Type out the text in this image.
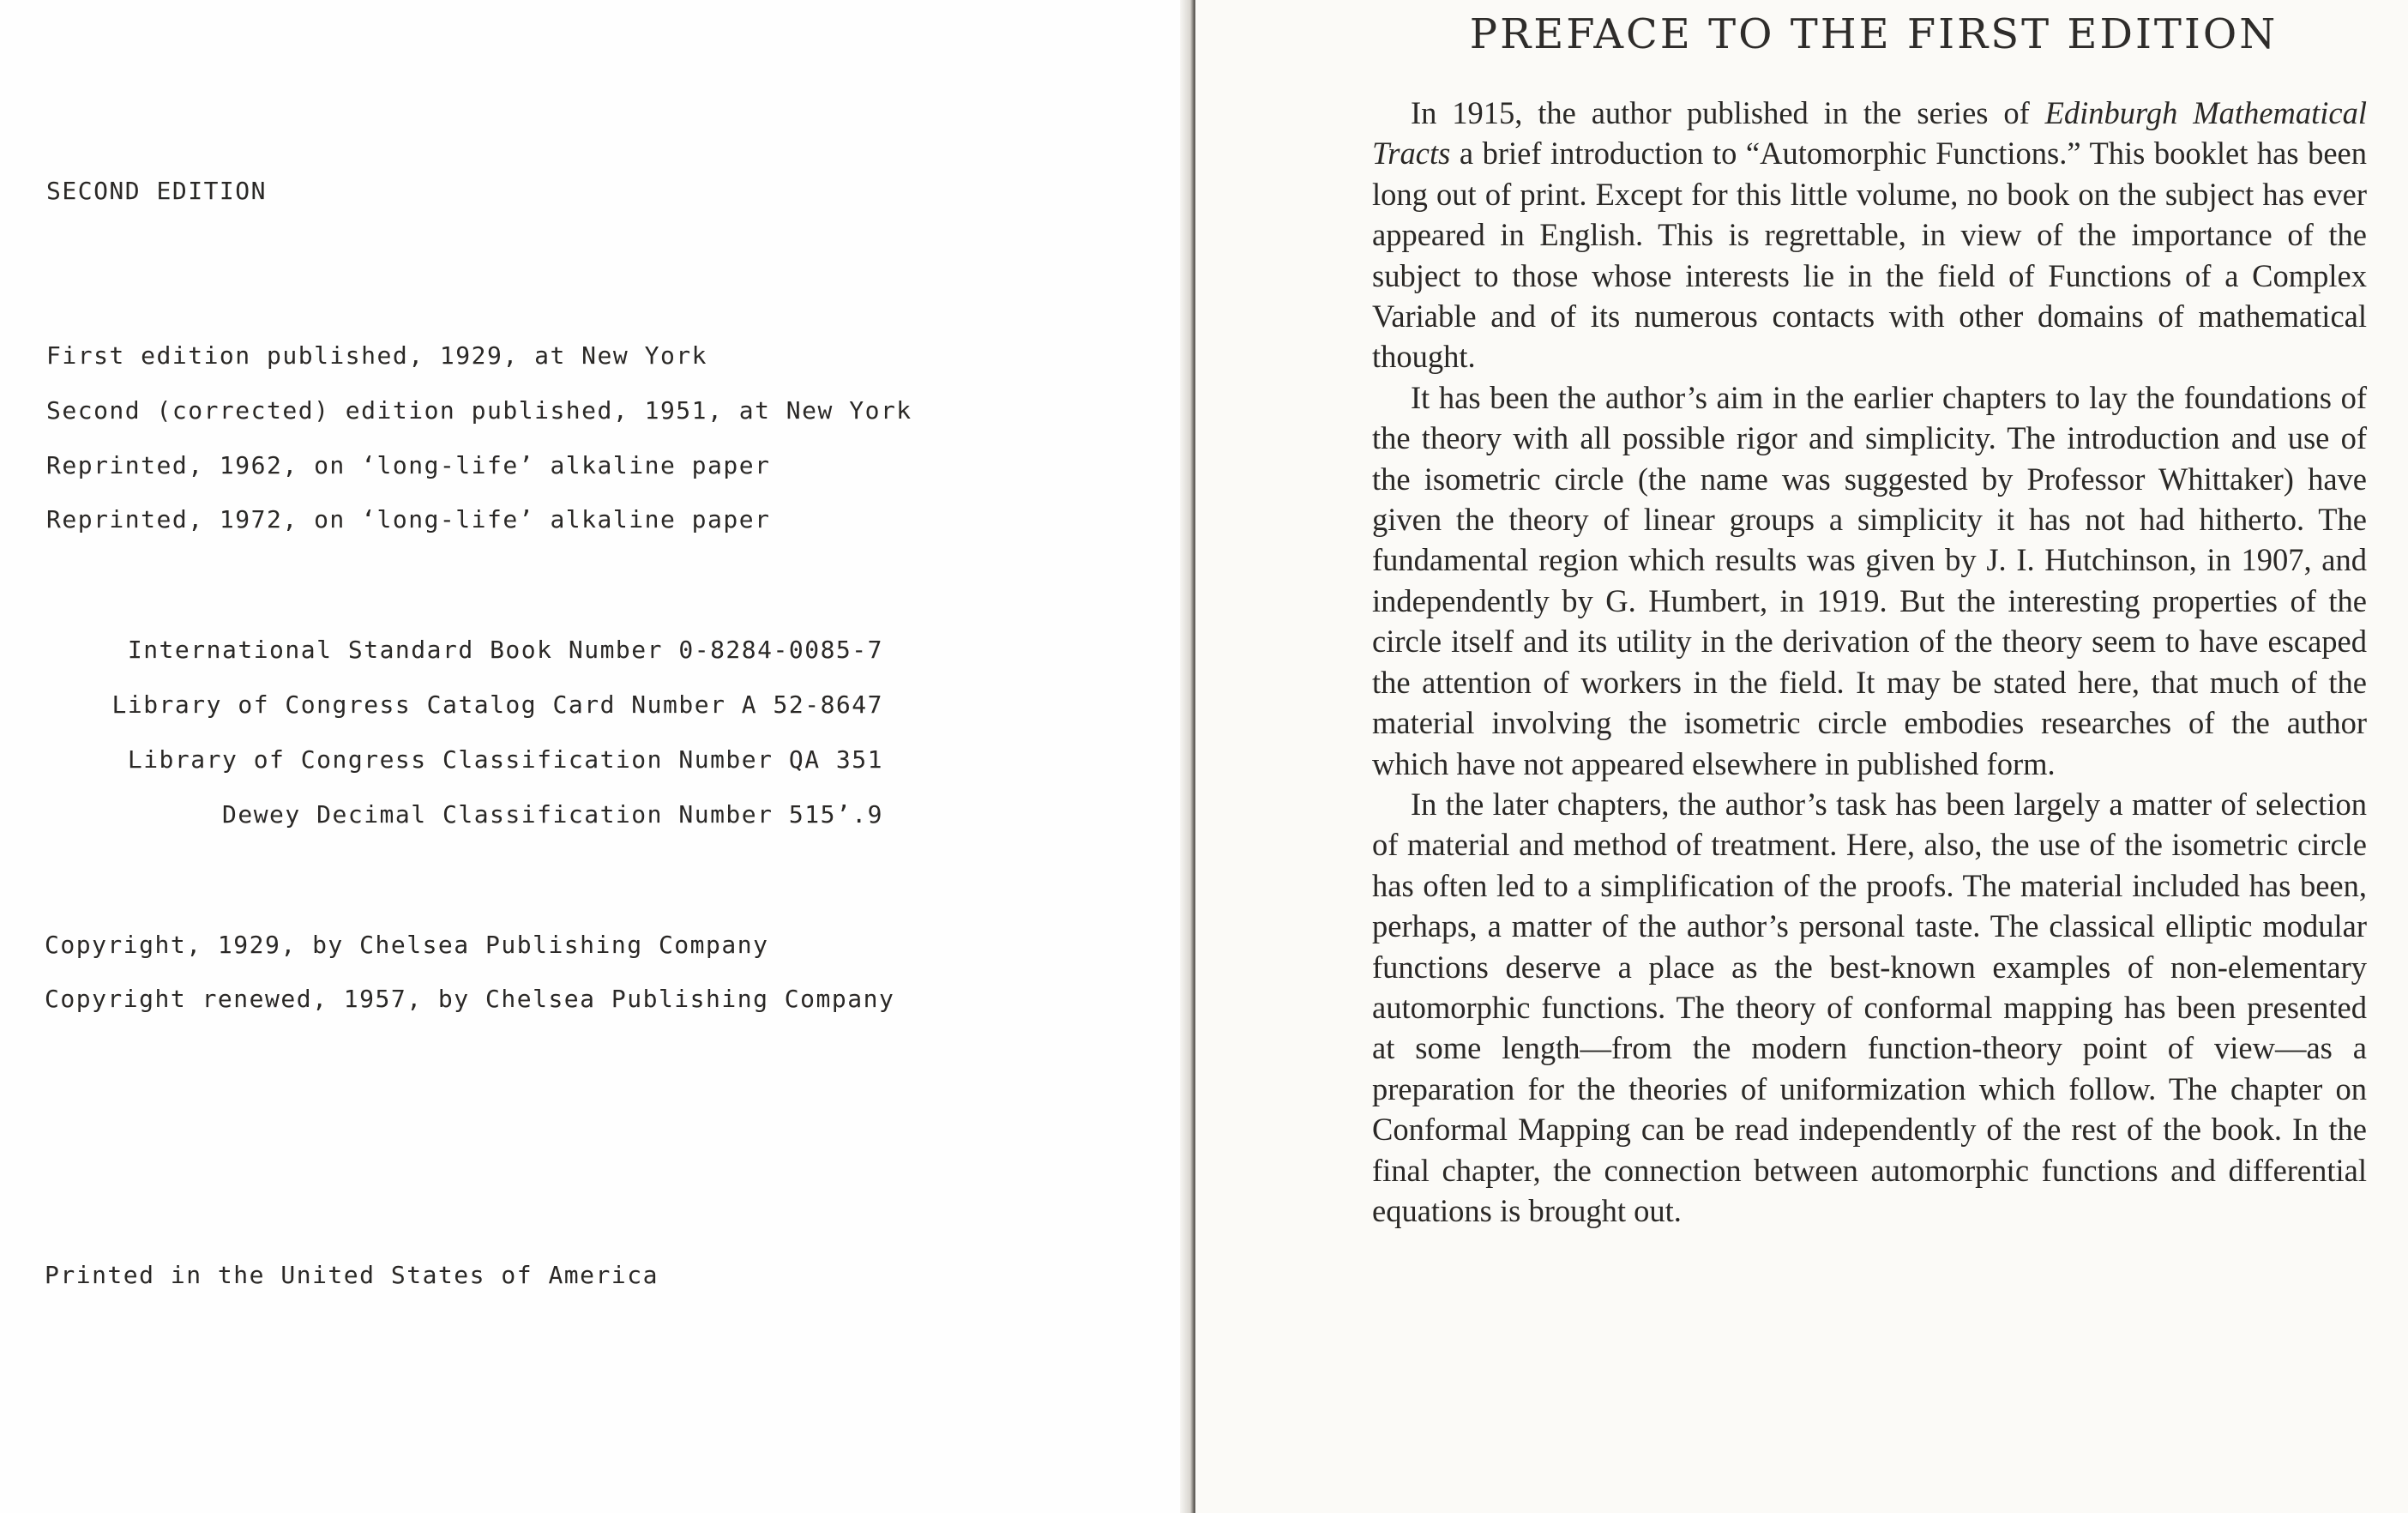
SECOND EDITION

First edition published, 1929, at New York

Second (corrected) edition published, 1951, at New York

Reprinted, 1962, on ‘long-life’ alkaline paper

Reprinted, 1972, on ‘long-life’ alkaline paper

International Standard Book Number 0-8284-0085-7

Library of Congress Catalog Card Number A 52-8647

Library of Congress Classification Number QA 351

Dewey Decimal Classification Number 515’.9

Copyright, 1929, by Chelsea Publishing Company

Copyright renewed, 1957, by Chelsea Publishing Company

Printed in the United States of America

PREFACE TO THE FIRST EDITION

In 1915, the author published in the series of Edinburgh Mathematical Tracts a brief introduction to “Automorphic Functions.” This booklet has been long out of print. Except for this little volume, no book on the subject has ever appeared in English. This is regrettable, in view of the importance of the subject to those whose interests lie in the field of Functions of a Complex Variable and of its numerous contacts with other domains of mathematical thought.

It has been the author’s aim in the earlier chapters to lay the foundations of the theory with all possible rigor and simplicity. The introduction and use of the isometric circle (the name was suggested by Professor Whittaker) have given the theory of linear groups a simplicity it has not had hitherto. The fundamental region which results was given by J. I. Hutchinson, in 1907, and independently by G. Humbert, in 1919. But the interesting properties of the circle itself and its utility in the derivation of the theory seem to have escaped the attention of workers in the field. It may be stated here, that much of the material involving the isometric circle embodies researches of the author which have not appeared elsewhere in published form.

In the later chapters, the author’s task has been largely a matter of selection of material and method of treatment. Here, also, the use of the isometric circle has often led to a simplification of the proofs. The material included has been, perhaps, a matter of the author’s personal taste. The classical elliptic modular functions deserve a place as the best-known examples of non-elementary automorphic functions. The theory of conformal mapping has been presented at some length—from the modern function-theory point of view—as a preparation for the theories of uniformization which follow. The chapter on Conformal Mapping can be read independently of the rest of the book. In the final chapter, the connection between automorphic functions and differential equations is brought out.
